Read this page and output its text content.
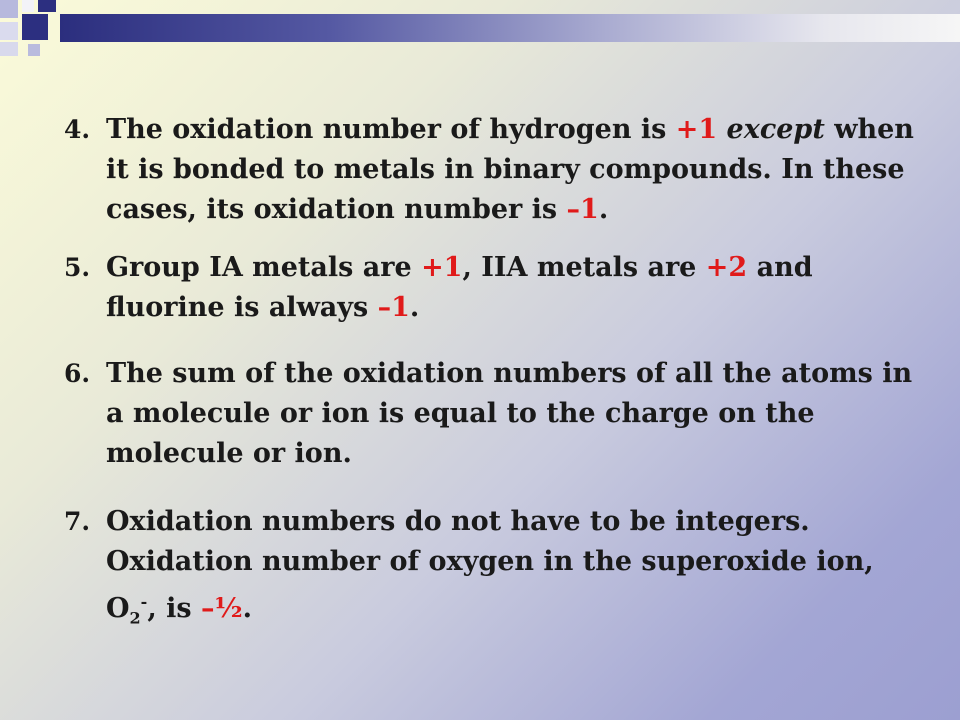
4. The oxidation number of hydrogen is +1 except when it is bonded to metals in binary compounds. In these cases, its oxidation number is –1.
5. Group IA metals are +1, IIA metals are +2 and fluorine is always –1.
6. The sum of the oxidation numbers of all the atoms in a molecule or ion is equal to the charge on the molecule or ion.
7. Oxidation numbers do not have to be integers. Oxidation number of oxygen in the superoxide ion, $O_2^-$, is –½.
